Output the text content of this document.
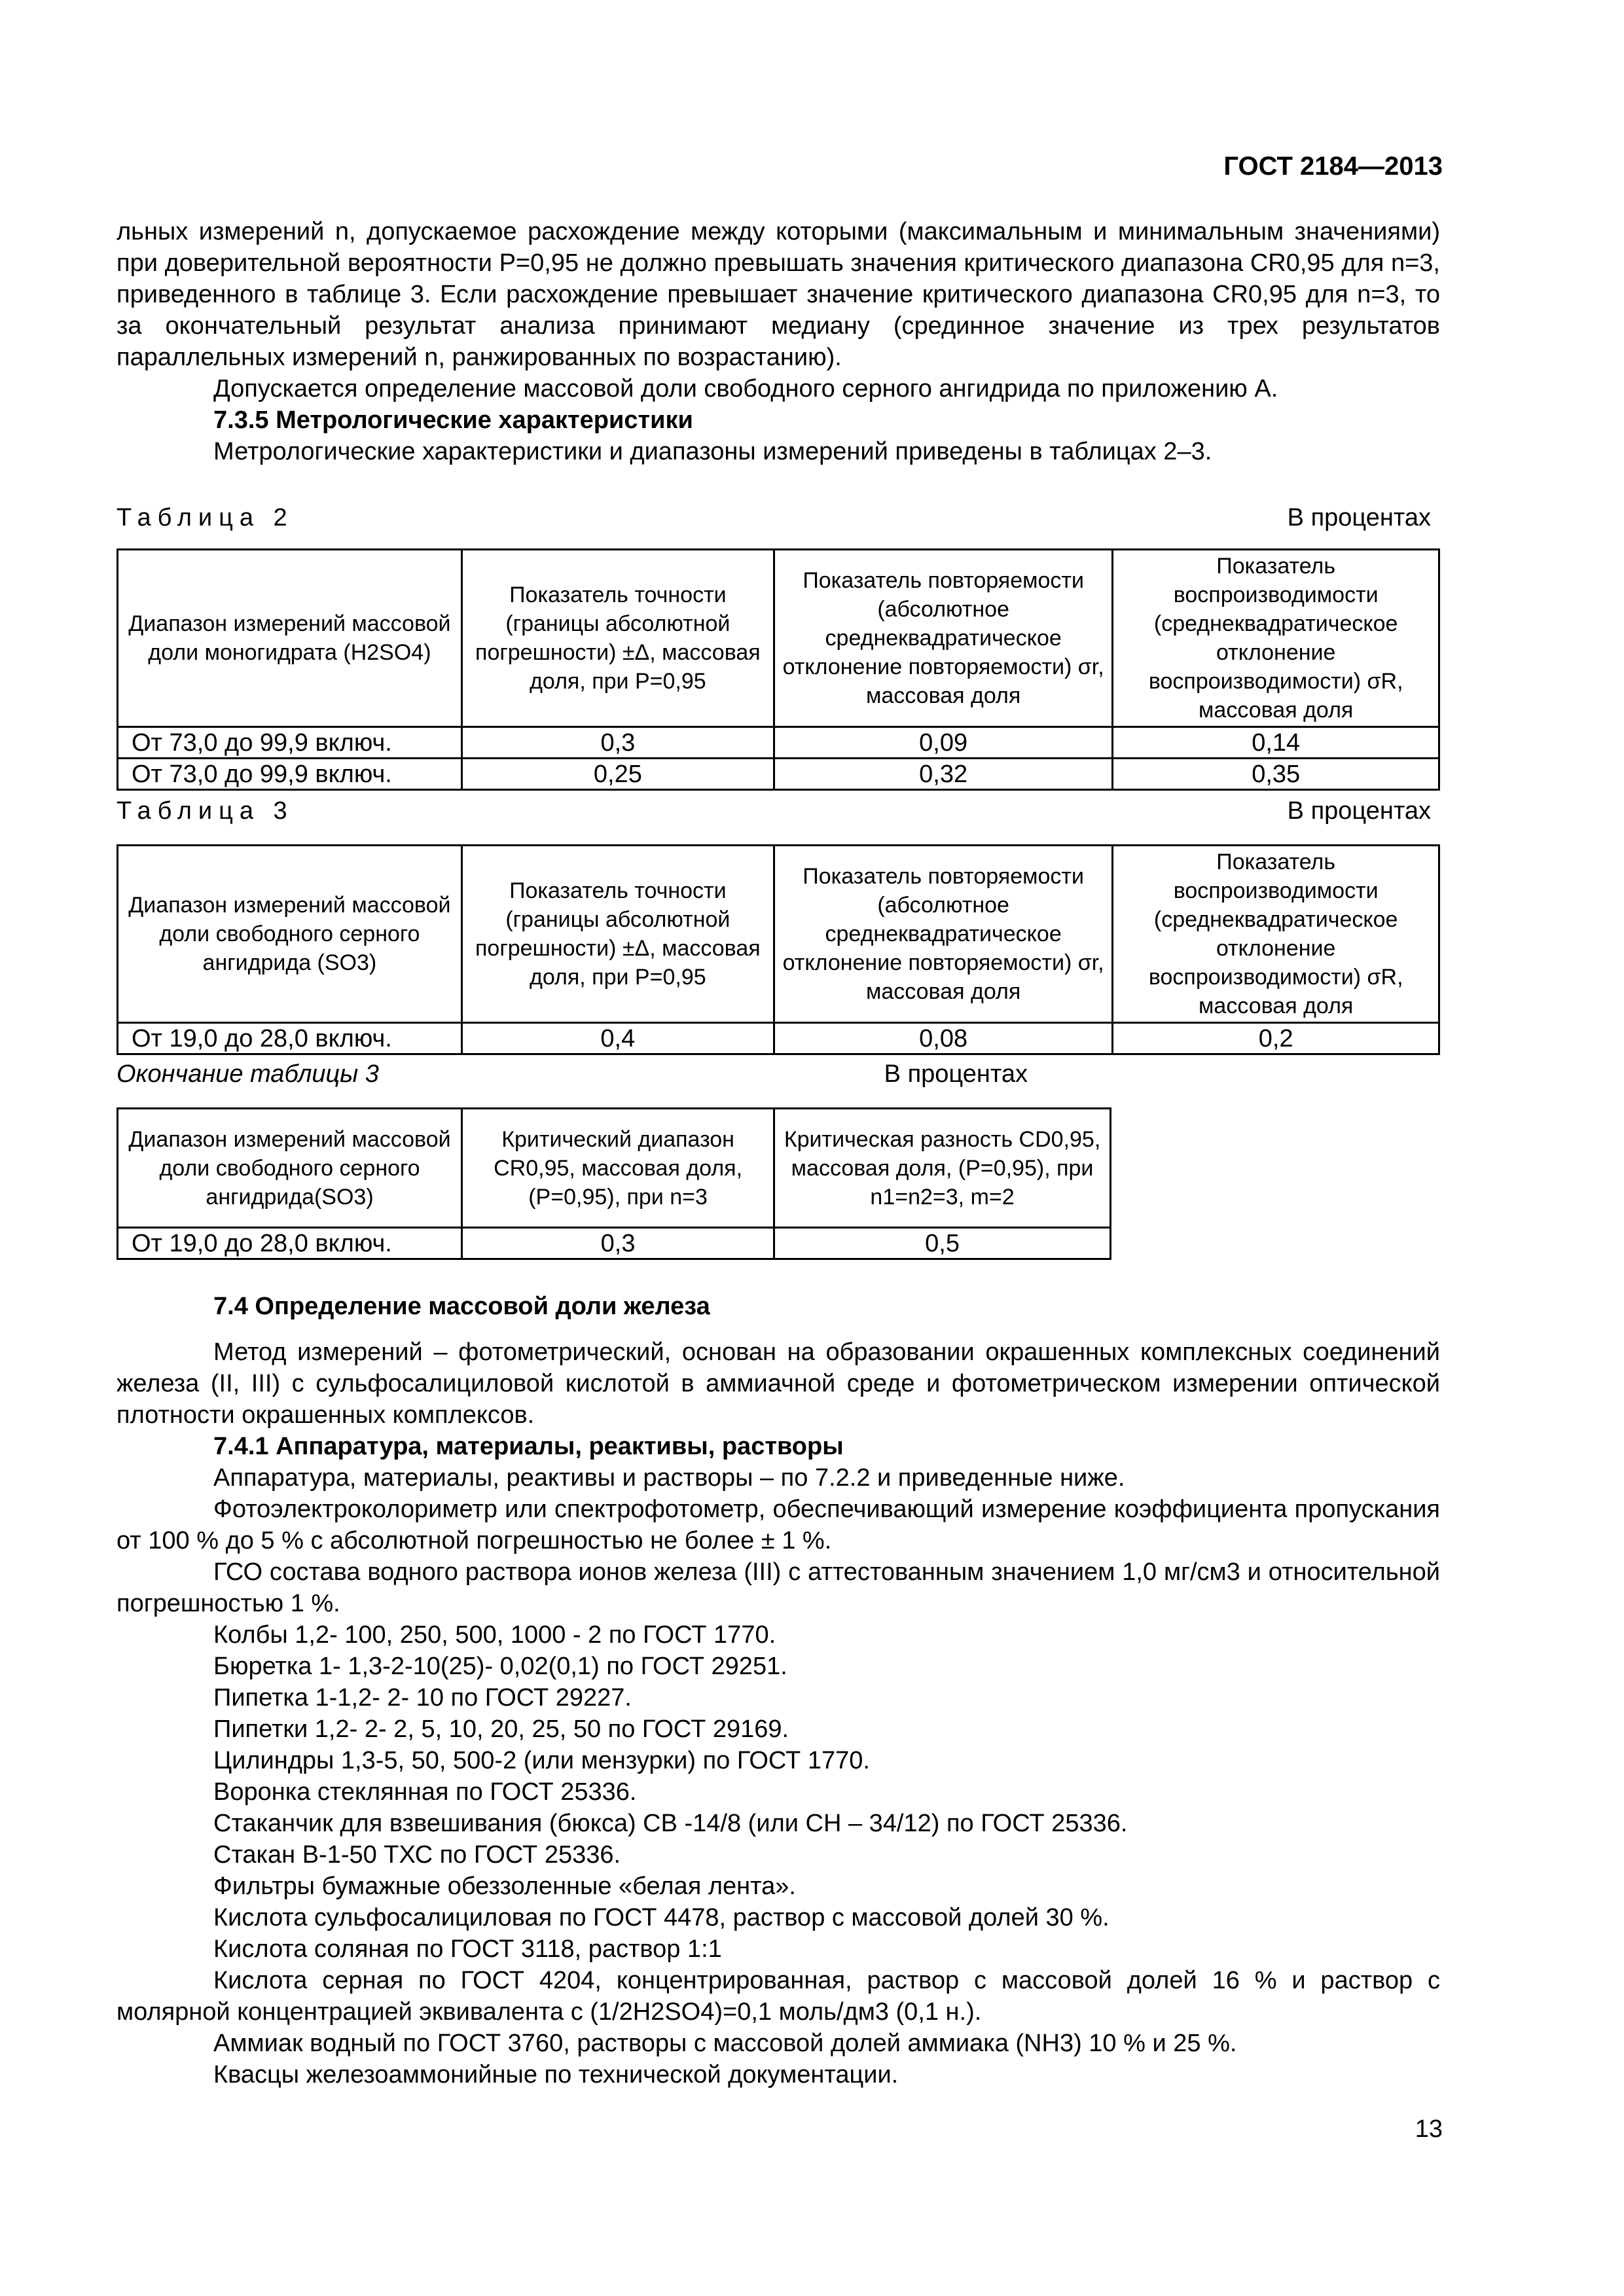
ГОСТ 2184—2013

льных измерений n, допускаемое расхождение между которыми (максимальным и минимальным значениями) при доверительной вероятности P=0,95 не должно превышать значения критического диапазона CR0,95 для n=3, приведенного в таблице 3. Если расхождение превышает значение критического диапазона CR0,95 для n=3, то за окончательный результат анализа принимают медиану (срединное значение из трех результатов параллельных измерений n, ранжированных по возрастанию).

Допускается определение массовой доли свободного серного ангидрида по приложению А.

7.3.5 Метрологические характеристики

Метрологические характеристики и диапазоны измерений приведены в таблицах 2–3.

Таблица 2	В процентах
Диапазон измерений массовой доли моногидрата (H2SO4)	Показатель точности (границы абсолютной погрешности) ±Δ, массовая доля, при P=0,95	Показатель повторяемости (абсолютное среднеквадратическое отклонение повторяемости) σr, массовая доля	Показатель воспроизводимости (среднеквадратическое отклонение воспроизводимости) σR, массовая доля
От 73,0 до 99,9 включ.	0,3	0,09	0,14
От 73,0 до 99,9 включ.	0,25	0,32	0,35
Таблица 3	В процентах
Диапазон измерений массовой доли свободного серного ангидрида (SO3)	Показатель точности (границы абсолютной погрешности) ±Δ, массовая доля, при P=0,95	Показатель повторяемости (абсолютное среднеквадратическое отклонение повторяемости) σr, массовая доля	Показатель воспроизводимости (среднеквадратическое отклонение воспроизводимости) σR, массовая доля
От 19,0 до 28,0 включ.	0,4	0,08	0,2
Окончание таблицы 3	В процентах
Диапазон измерений массовой доли свободного серного ангидрида(SO3)	Критический диапазон CR0,95, массовая доля, (P=0,95), при n=3	Критическая разность CD0,95, массовая доля, (P=0,95), при n1=n2=3, m=2
От 19,0 до 28,0 включ.	0,3	0,5

7.4 Определение массовой доли железа

Метод измерений – фотометрический, основан на образовании окрашенных комплексных соединений железа (II, III) с сульфосалициловой кислотой в аммиачной среде и фотометрическом измерении оптической плотности окрашенных комплексов.

7.4.1 Аппаратура, материалы, реактивы, растворы

Аппаратура, материалы, реактивы и растворы – по 7.2.2 и приведенные ниже.

Фотоэлектроколориметр или спектрофотометр, обеспечивающий измерение коэффициента пропускания от 100 % до 5 % с абсолютной погрешностью не более ± 1 %.

ГСО состава водного раствора ионов железа (III) с аттестованным значением 1,0 мг/см3 и относительной погрешностью 1 %.

Колбы 1,2- 100, 250, 500, 1000 - 2 по ГОСТ 1770.

Бюретка 1- 1,3-2-10(25)- 0,02(0,1) по ГОСТ 29251.

Пипетка 1-1,2- 2- 10 по ГОСТ 29227.

Пипетки 1,2- 2- 2, 5, 10, 20, 25, 50 по ГОСТ 29169.

Цилиндры 1,3-5, 50, 500-2 (или мензурки) по ГОСТ 1770.

Воронка стеклянная по ГОСТ 25336.

Стаканчик для взвешивания (бюкса) СВ -14/8 (или СН – 34/12) по ГОСТ 25336.

Стакан В-1-50 ТХС по ГОСТ 25336.

Фильтры бумажные обеззоленные «белая лента».

Кислота сульфосалициловая по ГОСТ 4478, раствор с массовой долей 30 %.

Кислота соляная по ГОСТ 3118, раствор 1:1

Кислота серная по ГОСТ 4204, концентрированная, раствор с массовой долей 16 % и раствор с молярной концентрацией эквивалента с (1/2H2SO4)=0,1 моль/дм3 (0,1 н.).

Аммиак водный по ГОСТ 3760, растворы с массовой долей аммиака (NH3) 10 % и 25 %.

Квасцы железоаммонийные по технической документации.

13
